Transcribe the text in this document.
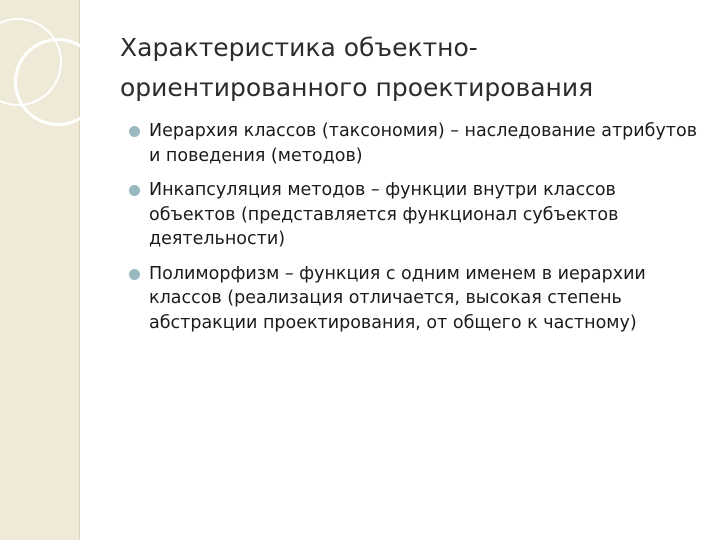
Характеристика объектно-ориентированного проектирования
Иерархия классов (таксономия) – наследование атрибутов и поведения (методов)
Инкапсуляция методов – функции внутри классов объектов (представляется функционал субъектов деятельности)
Полиморфизм – функция с одним именем в иерархии классов (реализация отличается, высокая степень абстракции проектирования, от общего к частному)
